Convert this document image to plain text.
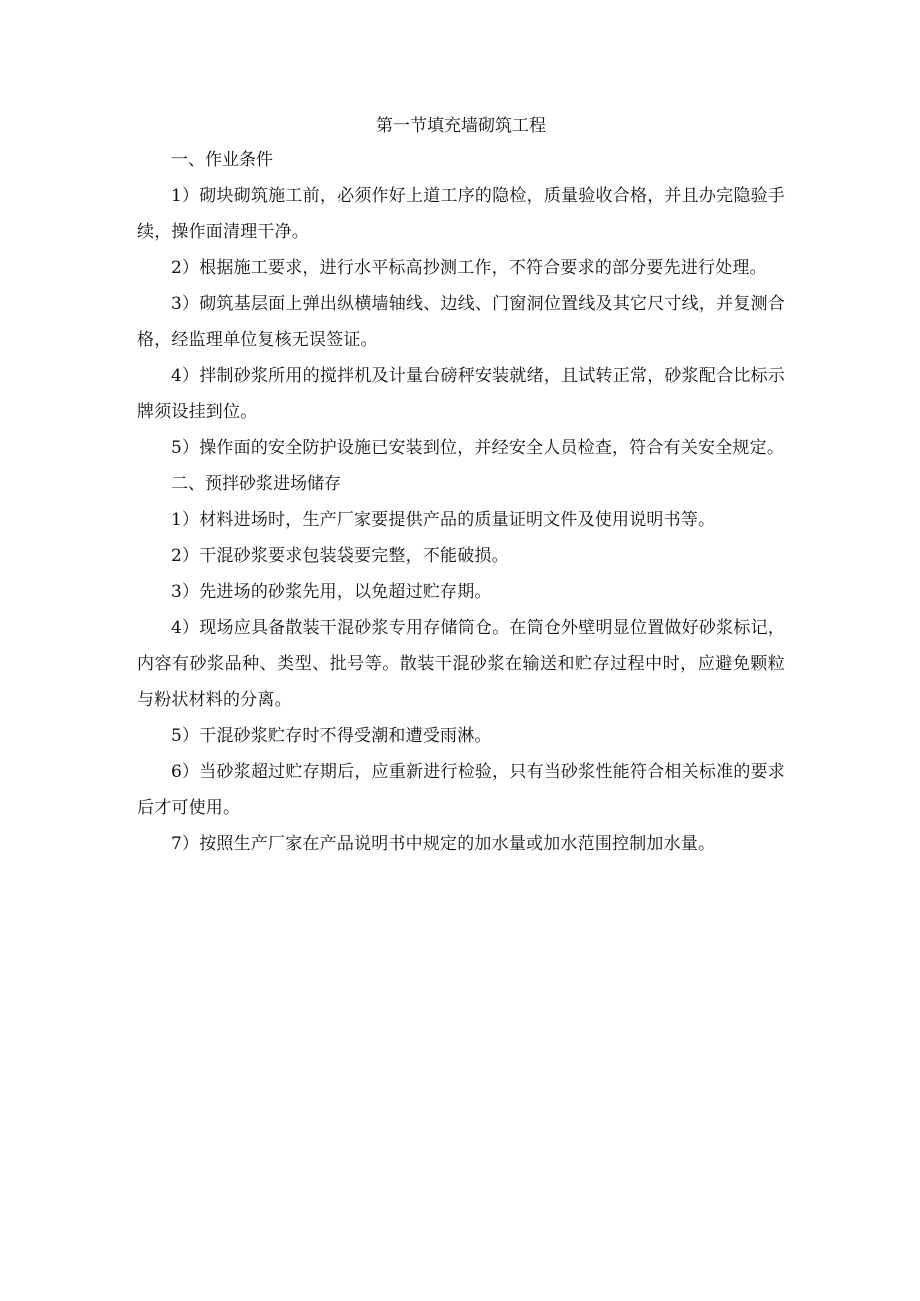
第一节填充墙砌筑工程

一、作业条件

1）砌块砌筑施工前，必须作好上道工序的隐检，质量验收合格，并且办完隐验手续，操作面清理干净。

2）根据施工要求，进行水平标高抄测工作，不符合要求的部分要先进行处理。

3）砌筑基层面上弹出纵横墙轴线、边线、门窗洞位置线及其它尺寸线，并复测合格，经监理单位复核无误签证。

4）拌制砂浆所用的搅拌机及计量台磅秤安装就绪，且试转正常，砂浆配合比标示牌须设挂到位。

5）操作面的安全防护设施已安装到位，并经安全人员检查，符合有关安全规定。

二、预拌砂浆进场储存

1）材料进场时，生产厂家要提供产品的质量证明文件及使用说明书等。

2）干混砂浆要求包装袋要完整，不能破损。

3）先进场的砂浆先用，以免超过贮存期。

4）现场应具备散装干混砂浆专用存储筒仓。在筒仓外壁明显位置做好砂浆标记，内容有砂浆品种、类型、批号等。散装干混砂浆在输送和贮存过程中时，应避免颗粒与粉状材料的分离。

5）干混砂浆贮存时不得受潮和遭受雨淋。

6）当砂浆超过贮存期后，应重新进行检验，只有当砂浆性能符合相关标准的要求后才可使用。

7）按照生产厂家在产品说明书中规定的加水量或加水范围控制加水量。
